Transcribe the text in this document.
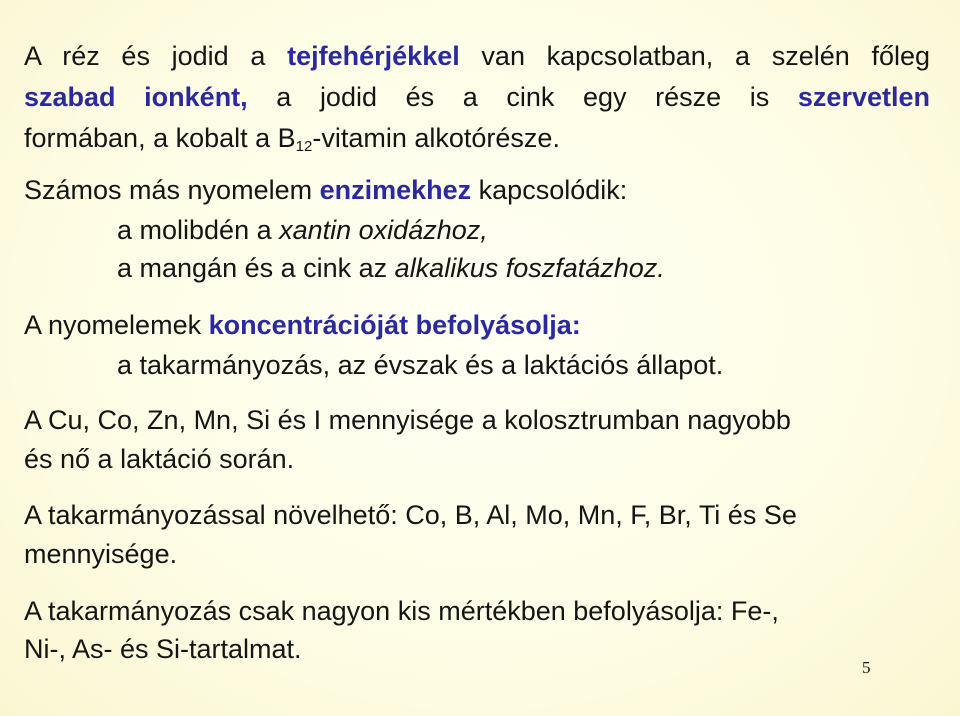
A réz és jodid a tejfehérjékkel van kapcsolatban, a szelén főleg

szabad ionként, a jodid és a cink egy része is szervetlen

formában, a kobalt a $B_{12}$-vitamin alkotórésze.

Számos más nyomelem enzimekhez kapcsolódik:

a molibdén a xantin oxidázhoz,

a mangán és a cink az alkalikus foszfatázhoz.

A nyomelemek koncentrációját befolyásolja:

a takarmányozás, az évszak és a laktációs állapot.

A Cu, Co, Zn, Mn, Si és I mennyisége a kolosztrumban nagyobb

és nő a laktáció során.

A takarmányozással növelhető: Co, B, Al, Mo, Mn, F, Br, Ti és Se

mennyisége.

A takarmányozás csak nagyon kis mértékben befolyásolja: Fe-,

Ni-, As- és Si-tartalmat.

5
